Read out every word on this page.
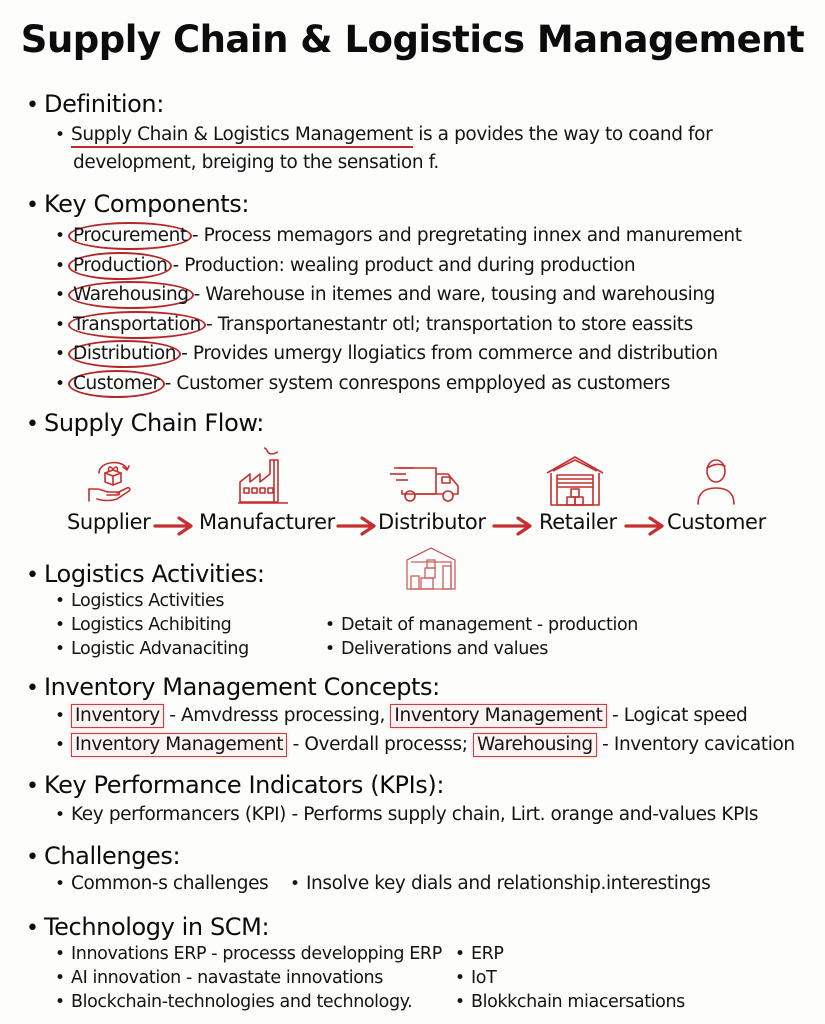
Supply Chain & Logistics Management
• Definition:
• Supply Chain & Logistics Management is a povides the way to coand for
development, breiging to the sensation f.
• Key Components:
• Procurement - Process memagors and pregretating innex and manurement
• Production - Production: wealing product and during production
• Warehousing - Warehouse in itemes and ware, tousing and warehousing
• Transportation - Transportanestantr otl; transportation to store eassits
• Distribution - Provides umergy llogiatics from commerce and distribution
• Customer - Customer system conrespons empployed as customers
• Supply Chain Flow:
Supplier Manufacturer Distributor	Retailer Customer
• Logistics Activities:
• Logistics Activities
• Logistics Achibiting
• Logistic Advanaciting
• Detait of management - production
• Deliverations and values
• Inventory Management Concepts:
• Inventory - Amvdresss processing, Inventory Management - Logicat speed
• Inventory Management - Overdall processs; Warehousing - Inventory cavication
• Key Performance Indicators (KPIs):
• Key performancers (KPI) - Performs supply chain, Lirt. orange and-values KPIs
• Challenges:
• Common-s challenges • Insolve key dials and relationship.interestings
• Technology in SCM:
• Innovations ERP - processs developping ERP
• AI innovation - navastate innovations
• Blockchain-technologies and technology.
• ERP
• IoT
• Blokkchain miacersations
